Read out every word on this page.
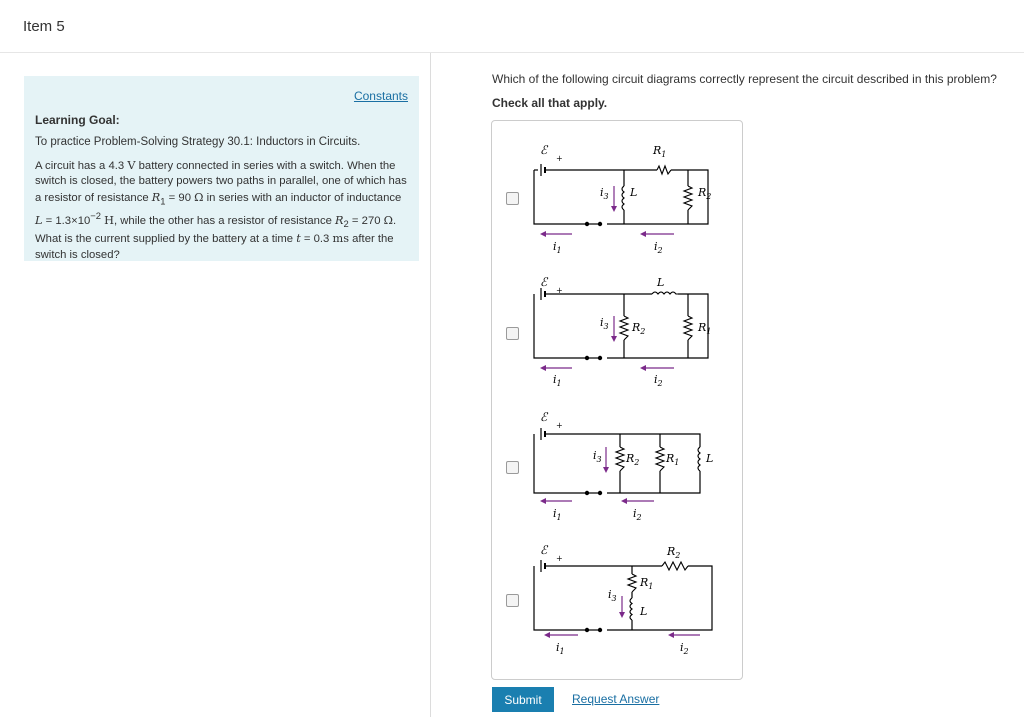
Item 5
Constants
Learning Goal:
To practice Problem-Solving Strategy 30.1: Inductors in Circuits.
A circuit has a 4.3 V battery connected in series with a switch. When the switch is closed, the battery powers two paths in parallel, one of which has a resistor of resistance $R_1 = 90$ Ω in series with an inductor of inductance $L = 1.3\times 10^{-2}$ H, while the other has a resistor of resistance $R_2 = 270$ Ω. What is the current supplied by the battery at a time t = 0.3 ms after the switch is closed?
Which of the following circuit diagrams correctly represent the circuit described in this problem?
Check all that apply.
ℰ
+
$R_1$
$R_2$
L
$i_3$
$i_1$	$i_2$
ℰ
+
L
$R_2$	$R_1$
$i_3$
$i_1$	$i_2$
ℰ
+
$R_2$ $R_1$ L
$i_3$
$i_1$	$i_2$
ℰ
+
$R_2$
$R_1$
L
$i_3$
$i_1$	$i_2$
Submit	Request Answer
